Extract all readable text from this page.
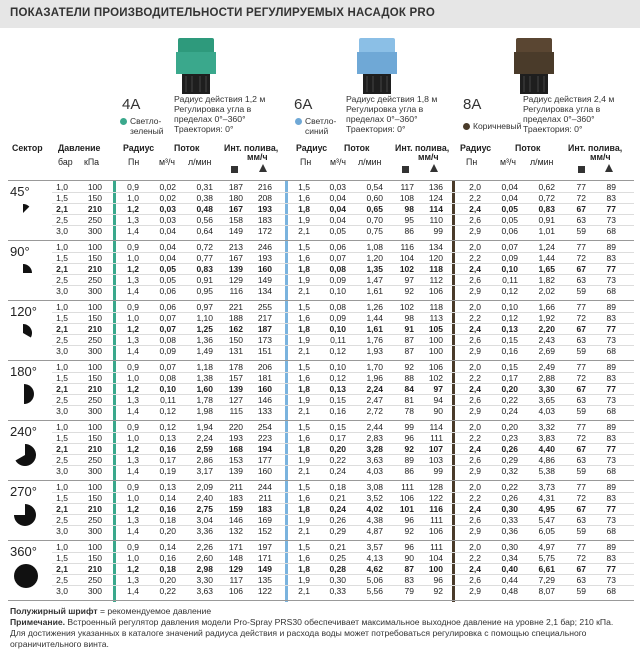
ПОКАЗАТЕЛИ ПРОИЗВОДИТЕЛЬНОСТИ РЕГУЛИРУЕМЫХ НАСАДОК PRO
4A	Радиус действия 1,2 м
Регулировка угла в
пределах 0°–360°
Траектория: 0°
Светло-
зеленый
6A	Радиус действия 1,8 м
Регулировка угла в
пределах 0°–360°
Траектория: 0°
Светло-
синий
8A	Радиус действия 2,4 м
Регулировка угла в
пределах 0°–360°
Траектория: 0°
Коричневый
Сектор Давление
бар кПа
Радиус
Пн
Поток
м³/ч л/мин
Инт. полива,
мм/ч
Радиус
Пн
Поток
м³/ч л/мин
Инт. полива,
мм/ч
Радиус
Пн
Поток
м³/ч л/мин
Инт. полива,
мм/ч
45°	1,0 100	0,9 0,02 0,31 187 216	1,5 0,03 0,54 117 136	2,0 0,04 0,62	77 89
1,5 150	1,0 0,02 0,38 180 208	1,6 0,04 0,60 108 124	2,2 0,04 0,72	72 83
2,1 210	1,2 0,03 0,48 167 193	1,8 0,04 0,65	98 114	2,4 0,05 0,83	67 77
2,5 250	1,3 0,03 0,56 158 183	1,9 0,04 0,70	95 110	2,6 0,05 0,91	63 73
3,0 300	1,4 0,04 0,64 149 172	2,1 0,05 0,75	86 99	2,9 0,06 1,01	59 68
90°	1,0 100	0,9 0,04 0,72 213 246	1,5 0,06 1,08 116 134	2,0 0,07 1,24	77 89
1,5 150	1,0 0,04 0,77 167 193	1,6 0,07 1,20 104 120	2,2 0,09 1,44	72 83
2,1 210	1,2 0,05 0,83 139 160	1,8 0,08 1,35 102 118	2,4 0,10 1,65	67 77
2,5 250	1,3 0,05 0,91 129 149	1,9 0,09 1,47	97 112	2,6 0,11 1,82	63 73
3,0 300	1,4 0,06 0,95 116 134	2,1 0,10 1,61	92 106	2,9 0,12 2,02	59 68
120° 1,0 100	0,9 0,06 0,97 221 255	1,5 0,08 1,26 102 118	2,0 0,10 1,66	77 89
1,5 150	1,0 0,07 1,10 188 217	1,6 0,09 1,44	98 113	2,2 0,12 1,92	72 83
2,1 210	1,2 0,07 1,25 162 187	1,8 0,10 1,61	91 105	2,4 0,13 2,20	67 77
2,5 250	1,3 0,08 1,36 150 173	1,9 0,11 1,76	87 100	2,6 0,15 2,43	63 73
3,0 300	1,4 0,09 1,49 131 151	2,1 0,12 1,93	87 100	2,9 0,16 2,69	59 68
180° 1,0 100	0,9 0,07 1,18 178 206	1,5 0,10 1,70	92 106	2,0 0,15 2,49	77 89
1,5 150	1,0 0,08 1,38 157 181	1,6 0,12 1,96	88 102	2,2 0,17 2,88	72 83
2,1 210	1,2 0,10 1,60 139 160	1,8 0,13 2,24	84 97	2,4 0,20 3,30	67 77
2,5 250	1,3 0,11 1,78 127 146	1,9 0,15 2,47	81 94	2,6 0,22 3,65	63 73
3,0 300	1,4 0,12 1,98 115 133	2,1 0,16 2,72	78 90	2,9 0,24 4,03	59 68
240° 1,0 100	0,9 0,12 1,94 220 254	1,5 0,15 2,44	99 114	2,0 0,20 3,32	77 89
1,5 150	1,0 0,13 2,24 193 223	1,6 0,17 2,83	96 111	2,2 0,23 3,83	72 83
2,1 210	1,2 0,16 2,59 168 194	1,8 0,20 3,28	92 107	2,4 0,26 4,40	67 77
2,5 250	1,3 0,17 2,86 153 177	1,9 0,22 3,63	89 103	2,6 0,29 4,86	63 73
3,0 300	1,4 0,19 3,17 139 160	2,1 0,24 4,03	86 99	2,9 0,32 5,38	59 68
270° 1,0 100	0,9 0,13 2,09 211 244	1,5 0,18 3,08 111 128	2,0 0,22 3,73	77 89
1,5 150	1,0 0,14 2,40 183 211	1,6 0,21 3,52 106 122	2,2 0,26 4,31	72 83
2,1 210	1,2 0,16 2,75 159 183	1,8 0,24 4,02 101 116	2,4 0,30 4,95	67 77
2,5 250	1,3 0,18 3,04 146 169	1,9 0,26 4,38	96 111	2,6 0,33 5,47	63 73
3,0 300	1,4 0,20 3,36 132 152	2,1 0,29 4,87	92 106	2,9 0,36 6,05	59 68
360° 1,0 100	0,9 0,14 2,26 171 197	1,5 0,21 3,57	96 111	2,0 0,30 4,97	77 89
1,5 150	1,0 0,16 2,60 148 171	1,6 0,25 4,13	90 104	2,2 0,34 5,75	72 83
2,1 210	1,2 0,18 2,98 129 149	1,8 0,28 4,62	87 100	2,4 0,40 6,61	67 77
2,5 250	1,3 0,20 3,30 117 135	1,9 0,30 5,06	83 96	2,6 0,44 7,29	63 73
3,0 300	1,4 0,22 3,63 106 122	2,1 0,33 5,56	79 92	2,9 0,48 8,07	59 68
Полужирный шрифт = рекомендуемое давление
Примечание. Встроенный регулятор давления модели Pro-Spray PRS30 обеспечивает максимальное выходное давление на уровне 2,1 бар; 210 кПа.
Для достижения указанных в каталоге значений радиуса действия и расхода воды может потребоваться регулировка с помощью специального
ограничительного винта.
